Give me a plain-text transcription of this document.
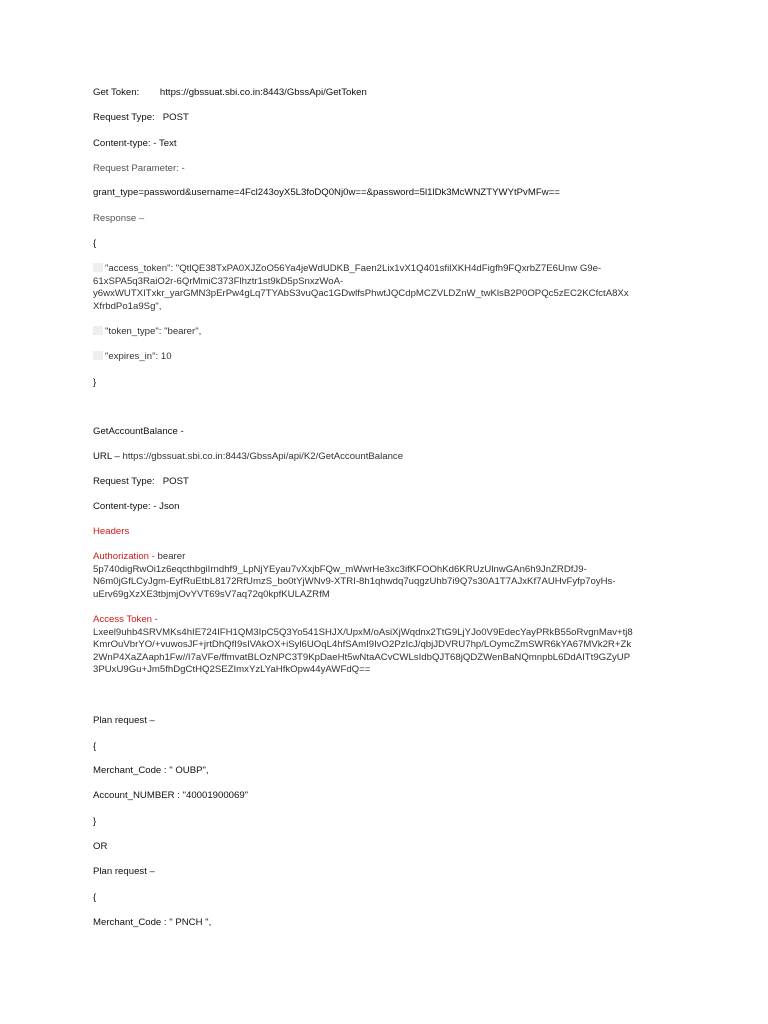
Get Token: https://gbssuat.sbi.co.in:8443/GbssApi/GetToken
Request Type: POST
Content-type: - Text
Request Parameter: -
grant_type=password&username=4Fcl243oyX5L3foDQ0Nj0w==&password=5l1lDk3McWNZTYWYtPvMFw==
Response –
{
"access_token": "QtlQE38TxPA0XJZoO56Ya4jeWdUDKB_Faen2Lix1vX1Q401sfilXKH4dFigfh9FQxrbZ7E6Unw G9e-
61xSPA5q3RaiO2r-6QrMmiC373Flhztr1st9kD5pSnxzWoA-
y6wxWUTXITxkr_yarGMN3pErPw4gLq7TYAbS3vuQac1GDwlfsPhwtJQCdpMCZVLDZnW_twKlsB2P0OPQc5zEC2KCfctA8Xx
XfrbdPo1a9Sg",
"token_type": "bearer",
"expires_in": 10
}
GetAccountBalance -
URL – https://gbssuat.sbi.co.in:8443/GbssApi/api/K2/GetAccountBalance
Request Type: POST
Content-type: - Json
Headers
Authorization - bearer
5p740digRwOi1z6eqcthbgiIrndhf9_LpNjYEyau7vXxjbFQw_mWwrHe3xc3ifKFOOhKd6KRUzUlnwGAn6h9JnZRDfJ9-
N6m0jGfLCyJgm-EyfRuEtbL8172RfUmzS_bo0tYjWNv9-XTRI-8h1qhwdq7uqgzUhb7i9Q7s30A1T7AJxKf7AUHvFyfp7oyHs-
uErv69gXzXE3tbjmjOvYVT69sV7aq72q0kpfKULAZRfM
Access Token -
Lxeel9uhb4SRVMKs4hIE724IFH1QM3IpC5Q3Yo541SHJX/UpxM/oAsiXjWqdnx2TtG9LjYJo0V9EdecYayPRkB55oRvgnMav+tj8
KmrOuVbrYO/+vuwosJF+jrtDhQfI9sIVAkOX+iSyl6UOqL4hfSAmI9IvO2PzIcJ/qbjJDVRU7hp/LOymcZmSWR6kYA67MVk2R+Zk
2WnP4XaZAaph1Fw//I7aVFe/ffmvatBLOzNPC3T9KpDaeHt5wNtaACvCWLsIdbQJT68jQDZWenBaNQmnpbL6DdAITt9GZyUP
3PUxU9Gu+Jm5fhDgCtHQ2SEZImxYzLYaHfkOpw44yAWFdQ==
Plan request –
{
Merchant_Code : " OUBP",
Account_NUMBER : "40001900069"
}
OR
Plan request –
{
Merchant_Code : " PNCH ",
